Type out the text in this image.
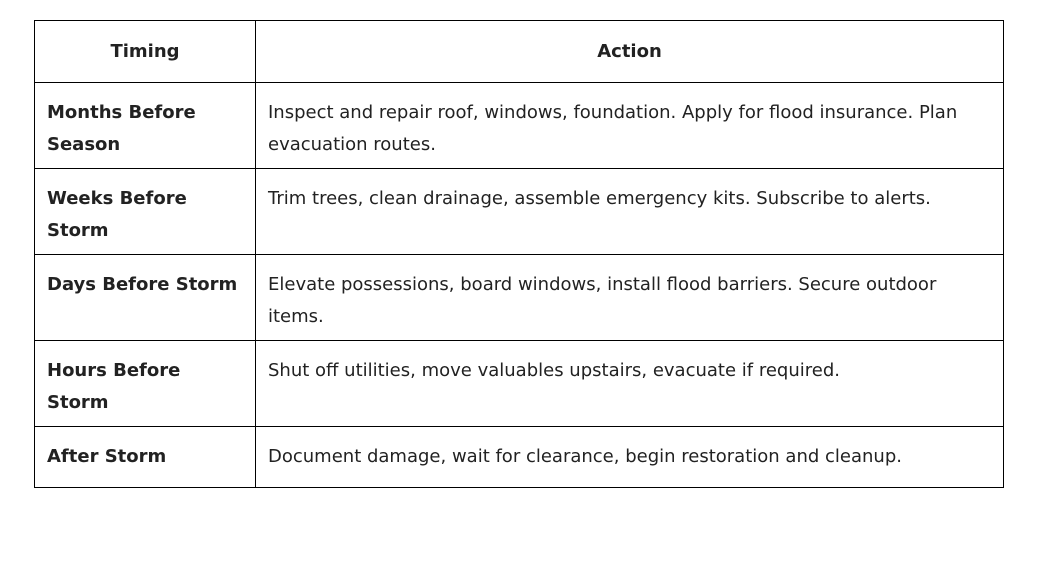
Timing	Action
Months Before Season	Inspect and repair roof, windows, foundation. Apply for flood insurance. Plan evacuation routes.
Weeks Before Storm	Trim trees, clean drainage, assemble emergency kits. Subscribe to alerts.
Days Before Storm	Elevate possessions, board windows, install flood barriers. Secure outdoor items.
Hours Before Storm	Shut off utilities, move valuables upstairs, evacuate if required.
After Storm	Document damage, wait for clearance, begin restoration and cleanup.
